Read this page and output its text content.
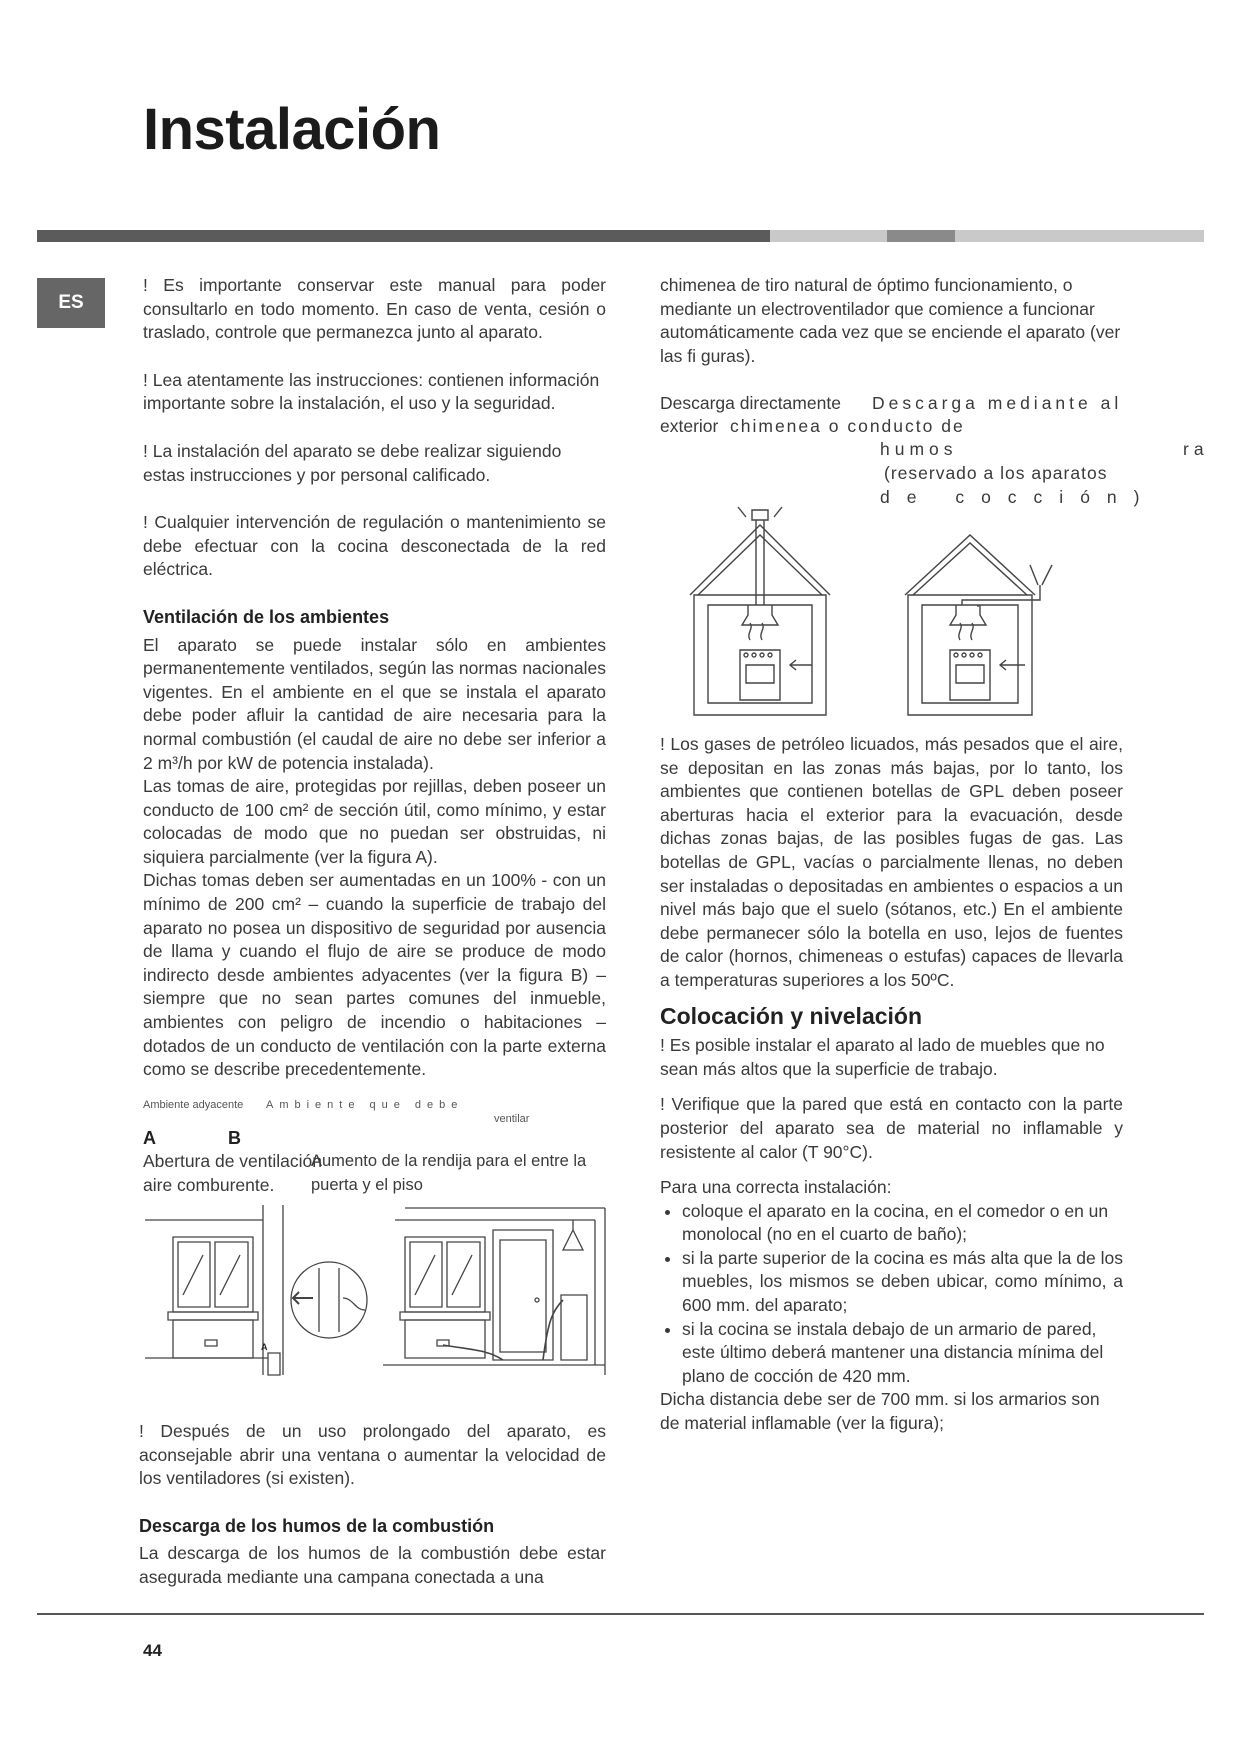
Instalación
ES

! Es importante conservar este manual para poder consultarlo en todo momento. En caso de venta, cesión o traslado, controle que permanezca junto al aparato.

! Lea atentamente las instrucciones: contienen información importante sobre la instalación, el uso y la seguridad.

! La instalación del aparato se debe realizar siguiendo estas instrucciones y por personal calificado.

! Cualquier intervención de regulación o mantenimiento se debe efectuar con la cocina desconectada de la red eléctrica.

Ventilación de los ambientes

El aparato se puede instalar sólo en ambientes permanentemente ventilados, según las normas nacionales vigentes. En el ambiente en el que se instala el aparato debe poder afluir la cantidad de aire necesaria para la normal combustión (el caudal de aire no debe ser inferior a 2 m³/h por kW de potencia instalada).

Las tomas de aire, protegidas por rejillas, deben poseer un conducto de 100 cm² de sección útil, como mínimo, y estar colocadas de modo que no puedan ser obstruidas, ni siquiera parcialmente (ver la figura A).

Dichas tomas deben ser aumentadas en un 100% - con un mínimo de 200 cm² – cuando la superficie de trabajo del aparato no posea un dispositivo de seguridad por ausencia de llama y cuando el flujo de aire se produce de modo indirecto desde ambientes adyacentes (ver la figura B) – siempre que no sean partes comunes del inmueble, ambientes con peligro de incendio o habitaciones – dotados de un conducto de ventilación con la parte externa como se describe precedentemente.

Ambiente adyacente Ambiente que debe
ventilar
A	B
Abertura de ventilación aire comburente.
Aumento de la rendija para el entre la puerta y el piso
A

! Después de un uso prolongado del aparato, es aconsejable abrir una ventana o aumentar la velocidad de los ventiladores (si existen).

Descarga de los humos de la combustión

La descarga de los humos de la combustión debe estar asegurada mediante una campana conectada a una

chimenea de tiro natural de óptimo funcionamiento, o mediante un electroventilador que comience a funcionar automáticamente cada vez que se enciende el aparato (ver las fi guras).

Descarga directamente
exterior
Descarga mediante al
chimenea o conducto de
humos	ra
(reservado a los aparatos
de cocción)

! Los gases de petróleo licuados, más pesados que el aire, se depositan en las zonas más bajas, por lo tanto, los ambientes que contienen botellas de GPL deben poseer aberturas hacia el exterior para la evacuación, desde dichas zonas bajas, de las posibles fugas de gas. Las botellas de GPL, vacías o parcialmente llenas, no deben ser instaladas o depositadas en ambientes o espacios a un nivel más bajo que el suelo (sótanos, etc.) En el ambiente debe permanecer sólo la botella en uso, lejos de fuentes de calor (hornos, chimeneas o estufas) capaces de llevarla a temperaturas superiores a los 50ºC.

Colocación y nivelación

! Es posible instalar el aparato al lado de muebles que no sean más altos que la superficie de trabajo.

! Verifique que la pared que está en contacto con la parte posterior del aparato sea de material no inflamable y resistente al calor (T 90°C).

Para una correcta instalación:

• coloque el aparato en la cocina, en el comedor o en un monolocal (no en el cuarto de baño);
• si la parte superior de la cocina es más alta que la de los muebles, los mismos se deben ubicar, como mínimo, a 600 mm. del aparato;
• si la cocina se instala debajo de un armario de pared, este último deberá mantener una distancia mínima del plano de cocción de 420 mm.

Dicha distancia debe ser de 700 mm. si los armarios son de material inflamable (ver la figura);

44
